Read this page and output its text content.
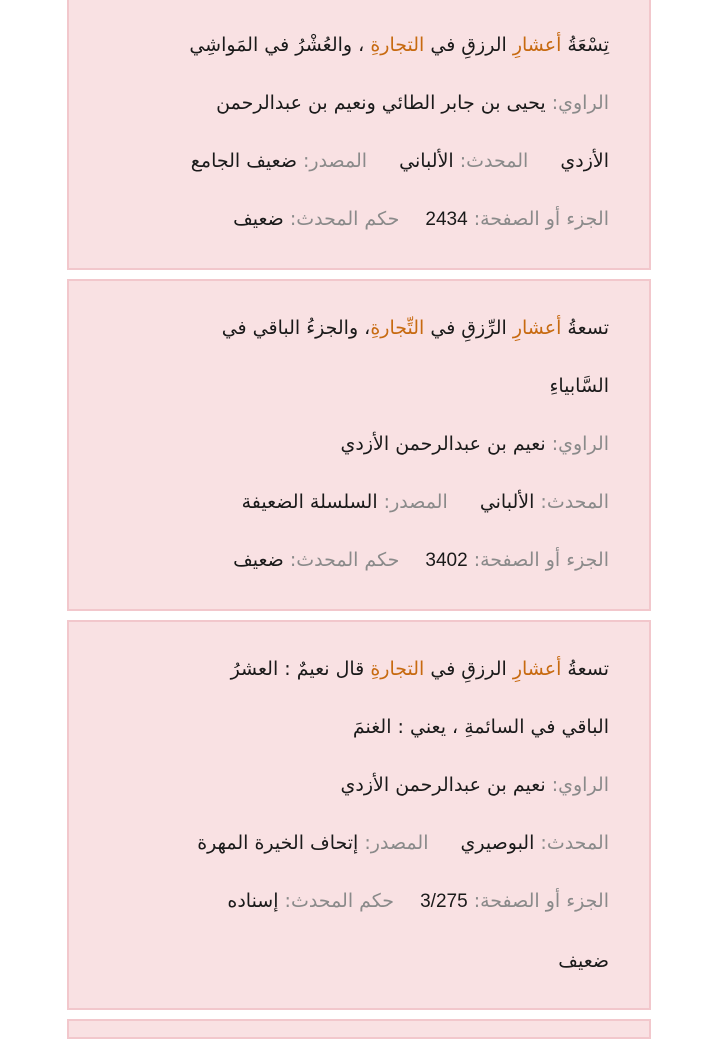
تِسْعَةُ أعشارِ الرزقِ في التجارةِ ، والعُشْرُ في المَواشِي
الراوي: يحيى بن جابر الطائي ونعيم بن عبدالرحمن
الأزدي المحدث: الألباني المصدر: ضعيف الجامع
الجزء أو الصفحة: 2434 حكم المحدث: ضعيف
تسعةُ أعشارِ الرِّزقِ في التِّجارةِ، والجزءُ الباقي في
السَّابياءِ
الراوي: نعيم بن عبدالرحمن الأزدي
المحدث: الألباني المصدر: السلسلة الضعيفة
الجزء أو الصفحة: 3402 حكم المحدث: ضعيف
تسعةُ أعشارِ الرزقِ في التجارةِ قال نعيمٌ : العشرُ
الباقي في السائمةِ ، يعني : الغنمَ
الراوي: نعيم بن عبدالرحمن الأزدي
المحدث: البوصيري المصدر: إتحاف الخيرة المهرة
الجزء أو الصفحة: 3/275 حكم المحدث: إسناده
ضعيف
